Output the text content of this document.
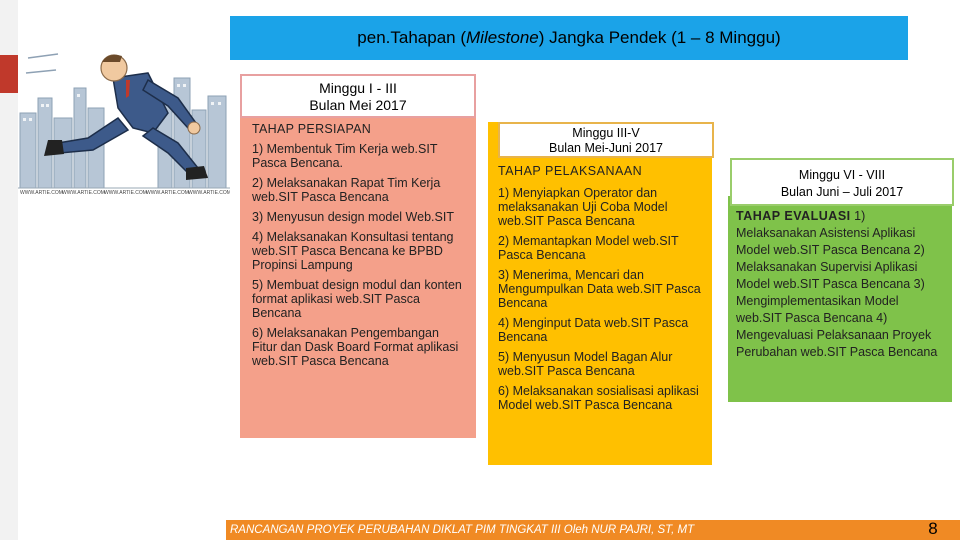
pen.Tahapan (Milestone) Jangka Pendek (1 – 8 Minggu)
WWW.ARTIE.COM WWW.ARTIE.COM WWW.ARTIE.COM WWW.ARTIE.COM WWW.ARTIE.COM
Minggu I - III
Bulan Mei 2017
TAHAP PERSIAPAN

1) Membentuk Tim Kerja web.SIT Pasca Bencana.

2) Melaksanakan Rapat Tim Kerja web.SIT Pasca Bencana

3) Menyusun design model Web.SIT

4) Melaksanakan Konsultasi tentang web.SIT Pasca Bencana ke BPBD Propinsi Lampung

5) Membuat design modul dan konten format aplikasi web.SIT Pasca Bencana

6) Melaksanakan Pengembangan Fitur dan Dask Board Format aplikasi web.SIT Pasca Bencana

TAHAP PELAKSANAAN

1) Menyiapkan Operator dan melaksanakan Uji Coba Model web.SIT Pasca Bencana

2) Memantapkan Model web.SIT Pasca Bencana

3) Menerima, Mencari dan Mengumpulkan Data web.SIT Pasca Bencana

4) Menginput Data web.SIT Pasca Bencana

5) Menyusun Model Bagan Alur web.SIT Pasca Bencana

6) Melaksanakan sosialisasi aplikasi Model web.SIT Pasca Bencana

Minggu III-V
Bulan Mei-Juni 2017
TAHAP EVALUASI 1) Melaksanakan Asistensi Aplikasi Model web.SIT Pasca Bencana 2) Melaksanakan Supervisi Aplikasi Model web.SIT Pasca Bencana 3) Mengimplementasikan Model web.SIT Pasca Bencana 4) Mengevaluasi Pelaksanaan Proyek Perubahan web.SIT Pasca Bencana
Minggu VI - VIII
Bulan Juni – Juli 2017
RANCANGAN PROYEK PERUBAHAN DIKLAT PIM TINGKAT III Oleh NUR PAJRI, ST, MT	8
